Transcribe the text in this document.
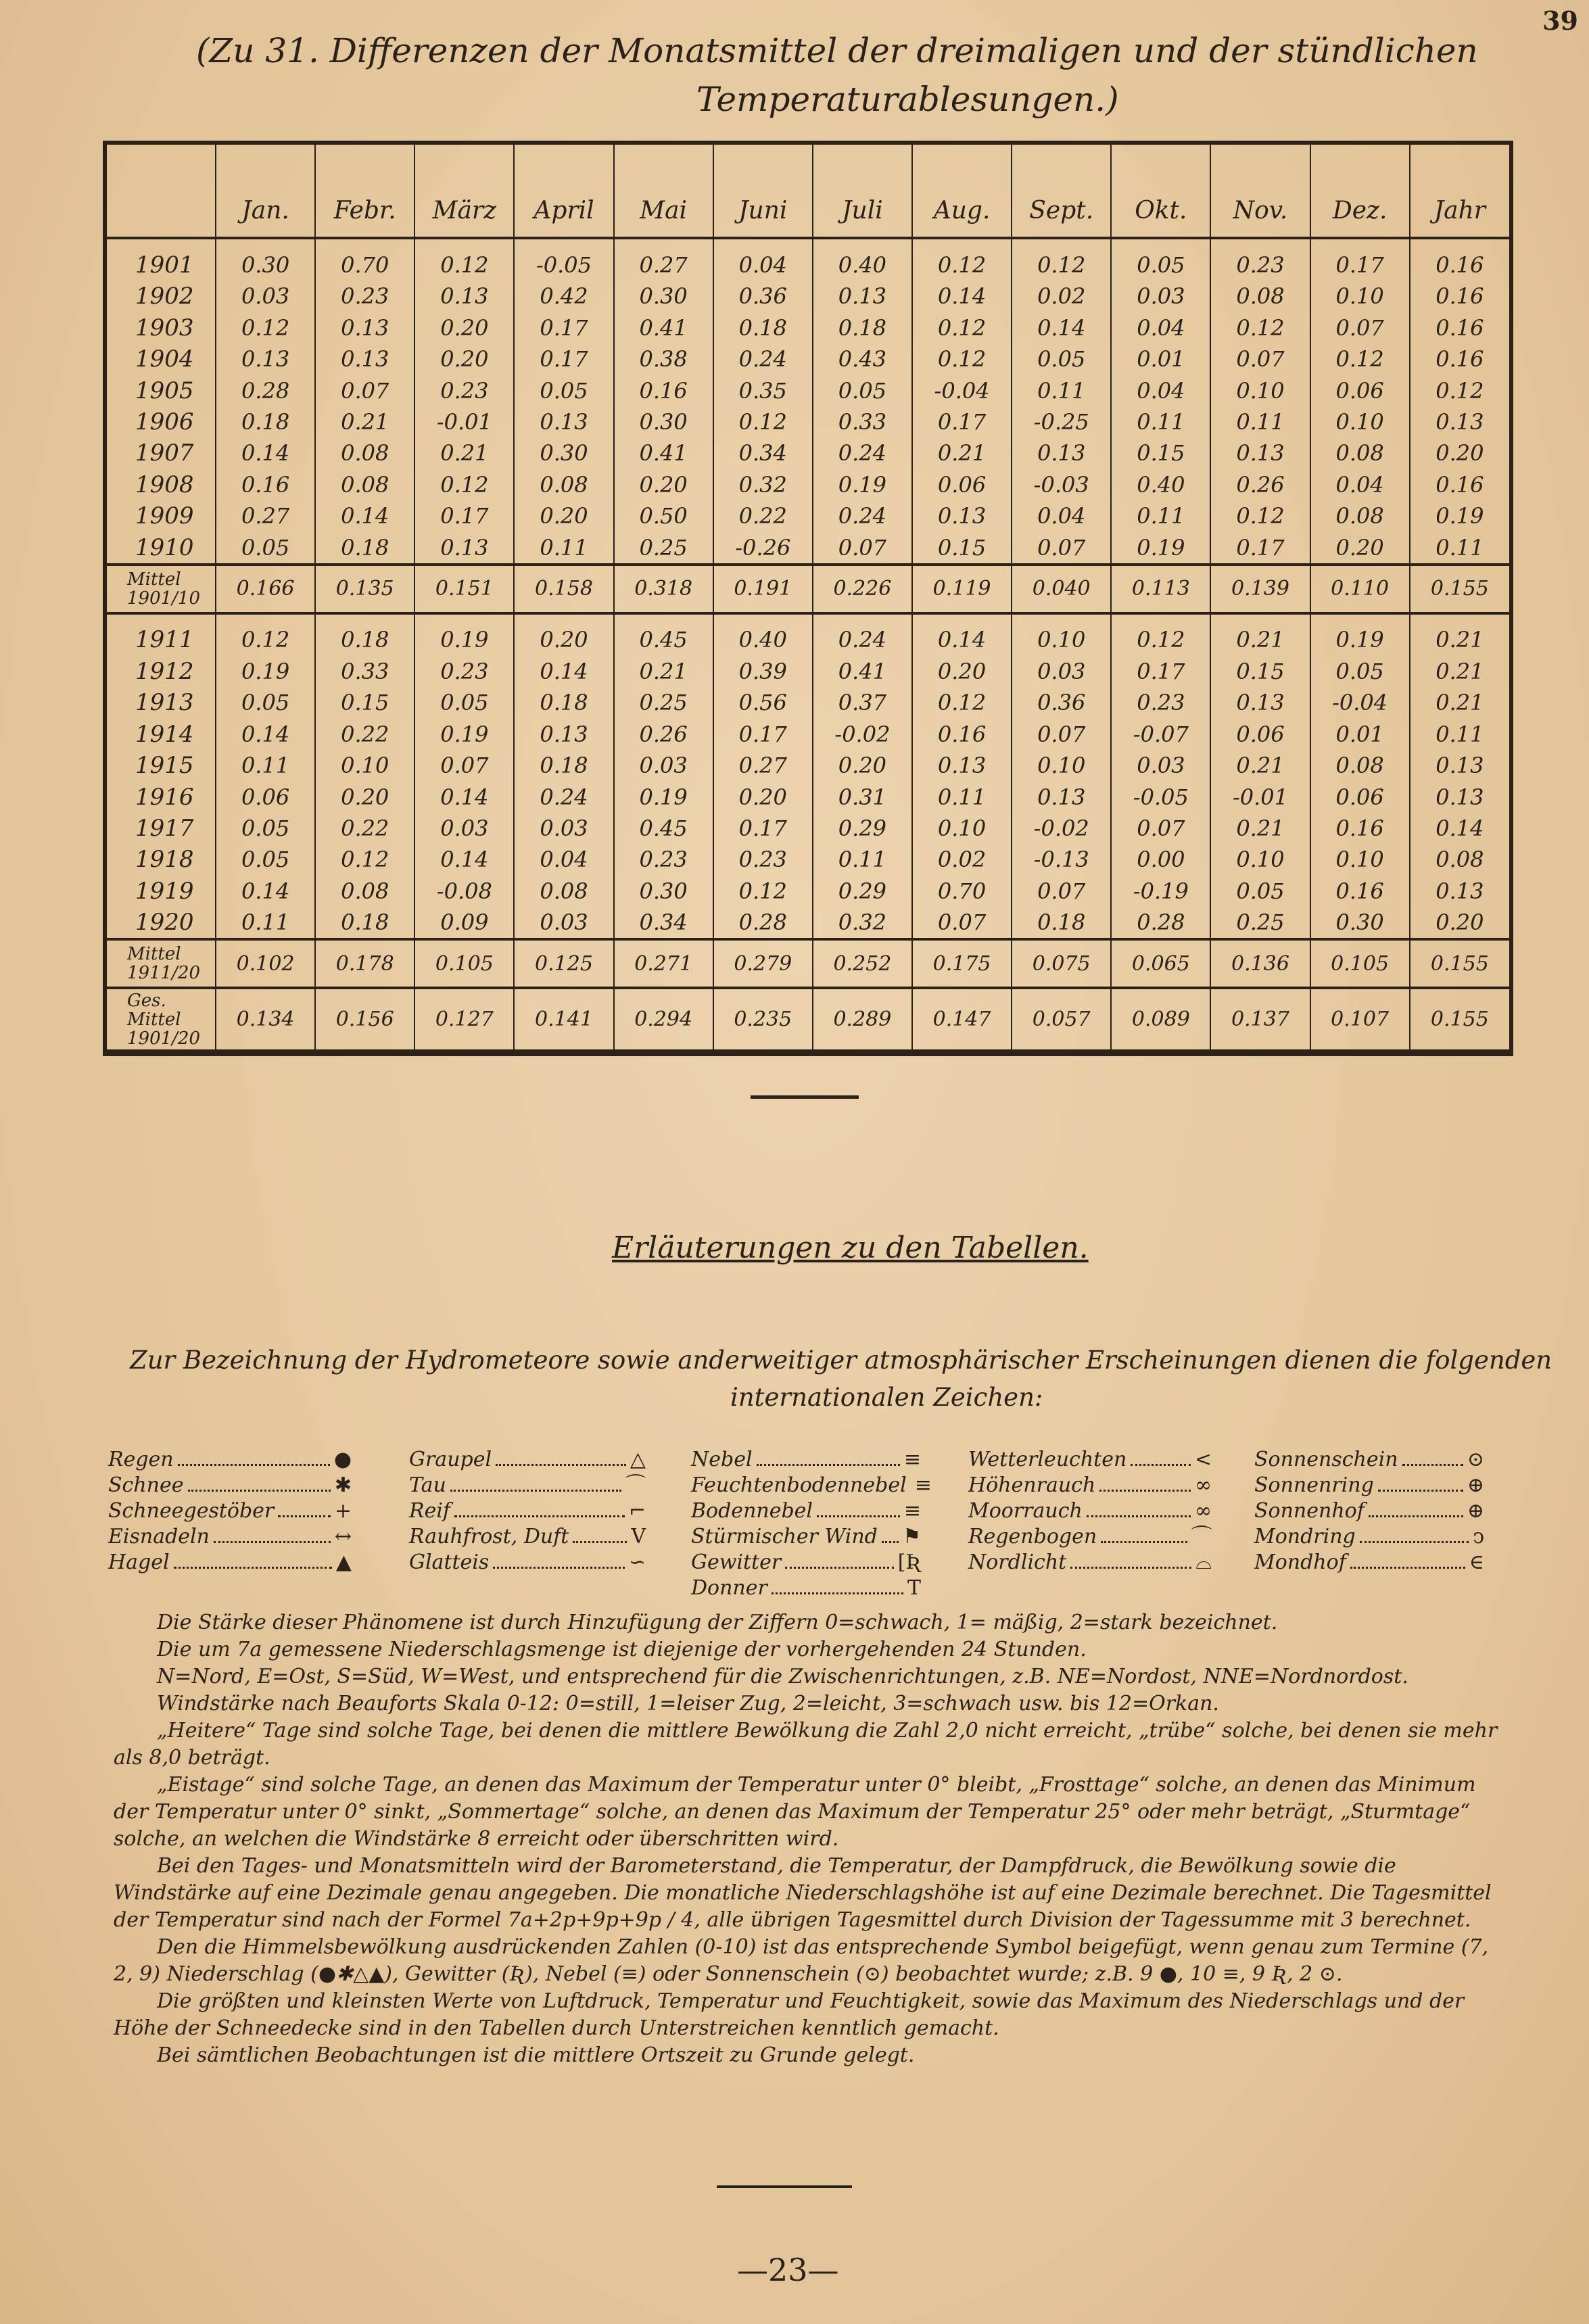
39
(Zu 31. Differenzen der Monatsmittel der dreimaligen und der stündlichen
Temperaturablesungen.)
	Jan.	Febr.	März	April	Mai	Juni	Juli	Aug.	Sept.	Okt.	Nov.	Dez.	Jahr
1901	0.30	0.70	0.12	-0.05	0.27	0.04	0.40	0.12	0.12	0.05	0.23	0.17	0.16
1902	0.03	0.23	0.13	0.42	0.30	0.36	0.13	0.14	0.02	0.03	0.08	0.10	0.16
1903	0.12	0.13	0.20	0.17	0.41	0.18	0.18	0.12	0.14	0.04	0.12	0.07	0.16
1904	0.13	0.13	0.20	0.17	0.38	0.24	0.43	0.12	0.05	0.01	0.07	0.12	0.16
1905	0.28	0.07	0.23	0.05	0.16	0.35	0.05	-0.04	0.11	0.04	0.10	0.06	0.12
1906	0.18	0.21	-0.01	0.13	0.30	0.12	0.33	0.17	-0.25	0.11	0.11	0.10	0.13
1907	0.14	0.08	0.21	0.30	0.41	0.34	0.24	0.21	0.13	0.15	0.13	0.08	0.20
1908	0.16	0.08	0.12	0.08	0.20	0.32	0.19	0.06	-0.03	0.40	0.26	0.04	0.16
1909	0.27	0.14	0.17	0.20	0.50	0.22	0.24	0.13	0.04	0.11	0.12	0.08	0.19
1910	0.05	0.18	0.13	0.11	0.25	-0.26	0.07	0.15	0.07	0.19	0.17	0.20	0.11
Mittel 1901/10	0.166	0.135	0.151	0.158	0.318	0.191	0.226	0.119	0.040	0.113	0.139	0.110	0.155
1911	0.12	0.18	0.19	0.20	0.45	0.40	0.24	0.14	0.10	0.12	0.21	0.19	0.21
1912	0.19	0.33	0.23	0.14	0.21	0.39	0.41	0.20	0.03	0.17	0.15	0.05	0.21
1913	0.05	0.15	0.05	0.18	0.25	0.56	0.37	0.12	0.36	0.23	0.13	-0.04	0.21
1914	0.14	0.22	0.19	0.13	0.26	0.17	-0.02	0.16	0.07	-0.07	0.06	0.01	0.11
1915	0.11	0.10	0.07	0.18	0.03	0.27	0.20	0.13	0.10	0.03	0.21	0.08	0.13
1916	0.06	0.20	0.14	0.24	0.19	0.20	0.31	0.11	0.13	-0.05	-0.01	0.06	0.13
1917	0.05	0.22	0.03	0.03	0.45	0.17	0.29	0.10	-0.02	0.07	0.21	0.16	0.14
1918	0.05	0.12	0.14	0.04	0.23	0.23	0.11	0.02	-0.13	0.00	0.10	0.10	0.08
1919	0.14	0.08	-0.08	0.08	0.30	0.12	0.29	0.70	0.07	-0.19	0.05	0.16	0.13
1920	0.11	0.18	0.09	0.03	0.34	0.28	0.32	0.07	0.18	0.28	0.25	0.30	0.20
Mittel 1911/20	0.102	0.178	0.105	0.125	0.271	0.279	0.252	0.175	0.075	0.065	0.136	0.105	0.155
Ges. Mittel 1901/20	0.134	0.156	0.127	0.141	0.294	0.235	0.289	0.147	0.057	0.089	0.137	0.107	0.155
Erläuterungen zu den Tabellen.
Zur Bezeichnung der Hydrometeore sowie anderweitiger atmosphärischer Erscheinungen dienen die folgenden
internationalen Zeichen:
Regen	●
Schnee	✱
Schneegestöber	+
Eisnadeln	↔
Hagel	▲
Graupel	△
Tau	⌒
Reif	⌐
Rauhfrost, Duft	V
Glatteis	∽
Nebel	≡
Feuchtenbodennebel ≡
Bodennebel	≡
Stürmischer Wind ⚑
Gewitter	[Ʀ
Donner	T
Wetterleuchten	<
Höhenrauch	∞
Moorrauch	∞
Regenbogen	⌒
Nordlicht	⌓
Sonnenschein	⊙
Sonnenring	⊕
Sonnenhof	⊕
Mondring	ↄ
Mondhof	∈

Die Stärke dieser Phänomene ist durch Hinzufügung der Ziffern 0=schwach, 1= mäßig, 2=stark bezeichnet.

Die um 7a gemessene Niederschlagsmenge ist diejenige der vorhergehenden 24 Stunden.

N=Nord, E=Ost, S=Süd, W=West, und entsprechend für die Zwischenrichtungen, z.B. NE=Nordost, NNE=Nordnordost.

Windstärke nach Beauforts Skala 0-12: 0=still, 1=leiser Zug, 2=leicht, 3=schwach usw. bis 12=Orkan.

„Heitere“ Tage sind solche Tage, bei denen die mittlere Bewölkung die Zahl 2,0 nicht erreicht, „trübe“ solche, bei denen sie mehr als 8,0 beträgt.

„Eistage“ sind solche Tage, an denen das Maximum der Temperatur unter 0° bleibt, „Frosttage“ solche, an denen das Minimum der Temperatur unter 0° sinkt, „Sommertage“ solche, an denen das Maximum der Temperatur 25° oder mehr beträgt, „Sturmtage“ solche, an welchen die Windstärke 8 erreicht oder überschritten wird.

Bei den Tages- und Monatsmitteln wird der Barometerstand, die Temperatur, der Dampfdruck, die Bewölkung sowie die Windstärke auf eine Dezimale genau angegeben. Die monatliche Niederschlagshöhe ist auf eine Dezimale berechnet. Die Tagesmittel der Temperatur sind nach der Formel 7a+2p+9p+9p / 4, alle übrigen Tagesmittel durch Division der Tagessumme mit 3 berechnet.

Den die Himmelsbewölkung ausdrückenden Zahlen (0-10) ist das entsprechende Symbol beigefügt, wenn genau zum Termine (7, 2, 9) Niederschlag (●✱△▲), Gewitter (Ʀ), Nebel (≡) oder Sonnenschein (⊙) beobachtet wurde; z.B. 9 ●, 10 ≡, 9 Ʀ, 2 ⊙.

Die größten und kleinsten Werte von Luftdruck, Temperatur und Feuchtigkeit, sowie das Maximum des Niederschlags und der Höhe der Schneedecke sind in den Tabellen durch Unterstreichen kenntlich gemacht.

Bei sämtlichen Beobachtungen ist die mittlere Ortszeit zu Grunde gelegt.

—23—
